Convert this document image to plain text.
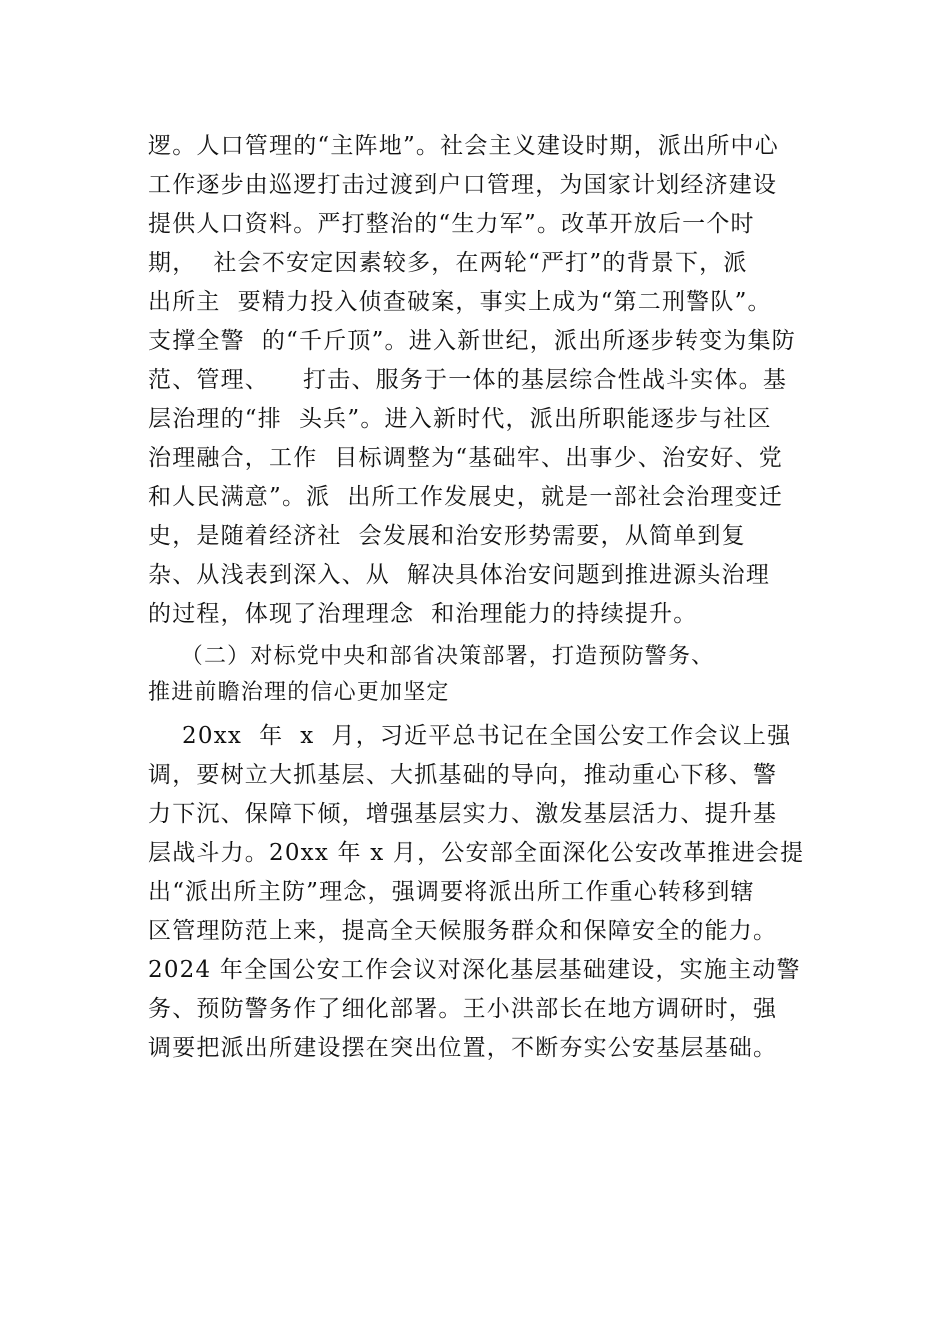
逻。人口管理的“主阵地”。社会主义建设时期，派出所中心
工作逐步由巡逻打击过渡到户口管理，为国家计划经济建设
提供人口资料。严打整治的“生力军”。改革开放后一个时
期，  社会不安定因素较多，在两轮“严打”的背景下，派
出所主  要精力投入侦查破案，事实上成为“第二刑警队”。
支撑全警  的“千斤顶”。进入新世纪，派出所逐步转变为集防
范、管理、    打击、服务于一体的基层综合性战斗实体。基
层治理的“排  头兵”。进入新时代，派出所职能逐步与社区
治理融合，工作  目标调整为“基础牢、出事少、治安好、党
和人民满意”。派  出所工作发展史，就是一部社会治理变迁
史，是随着经济社  会发展和治安形势需要，从简单到复
杂、从浅表到深入、从  解决具体治安问题到推进源头治理
的过程，体现了治理理念  和治理能力的持续提升。
（二）对标党中央和部省决策部署，打造预防警务、
推进前瞻治理的信心更加坚定
20xx  年  x  月，习近平总书记在全国公安工作会议上强
调，要树立大抓基层、大抓基础的导向，推动重心下移、警
力下沉、保障下倾，增强基层实力、激发基层活力、提升基
层战斗力。20xx 年 x 月，公安部全面深化公安改革推进会提
出“派出所主防”理念，强调要将派出所工作重心转移到辖
区管理防范上来，提高全天候服务群众和保障安全的能力。
2024 年全国公安工作会议对深化基层基础建设，实施主动警
务、预防警务作了细化部署。王小洪部长在地方调研时，强
调要把派出所建设摆在突出位置，不断夯实公安基层基础。
